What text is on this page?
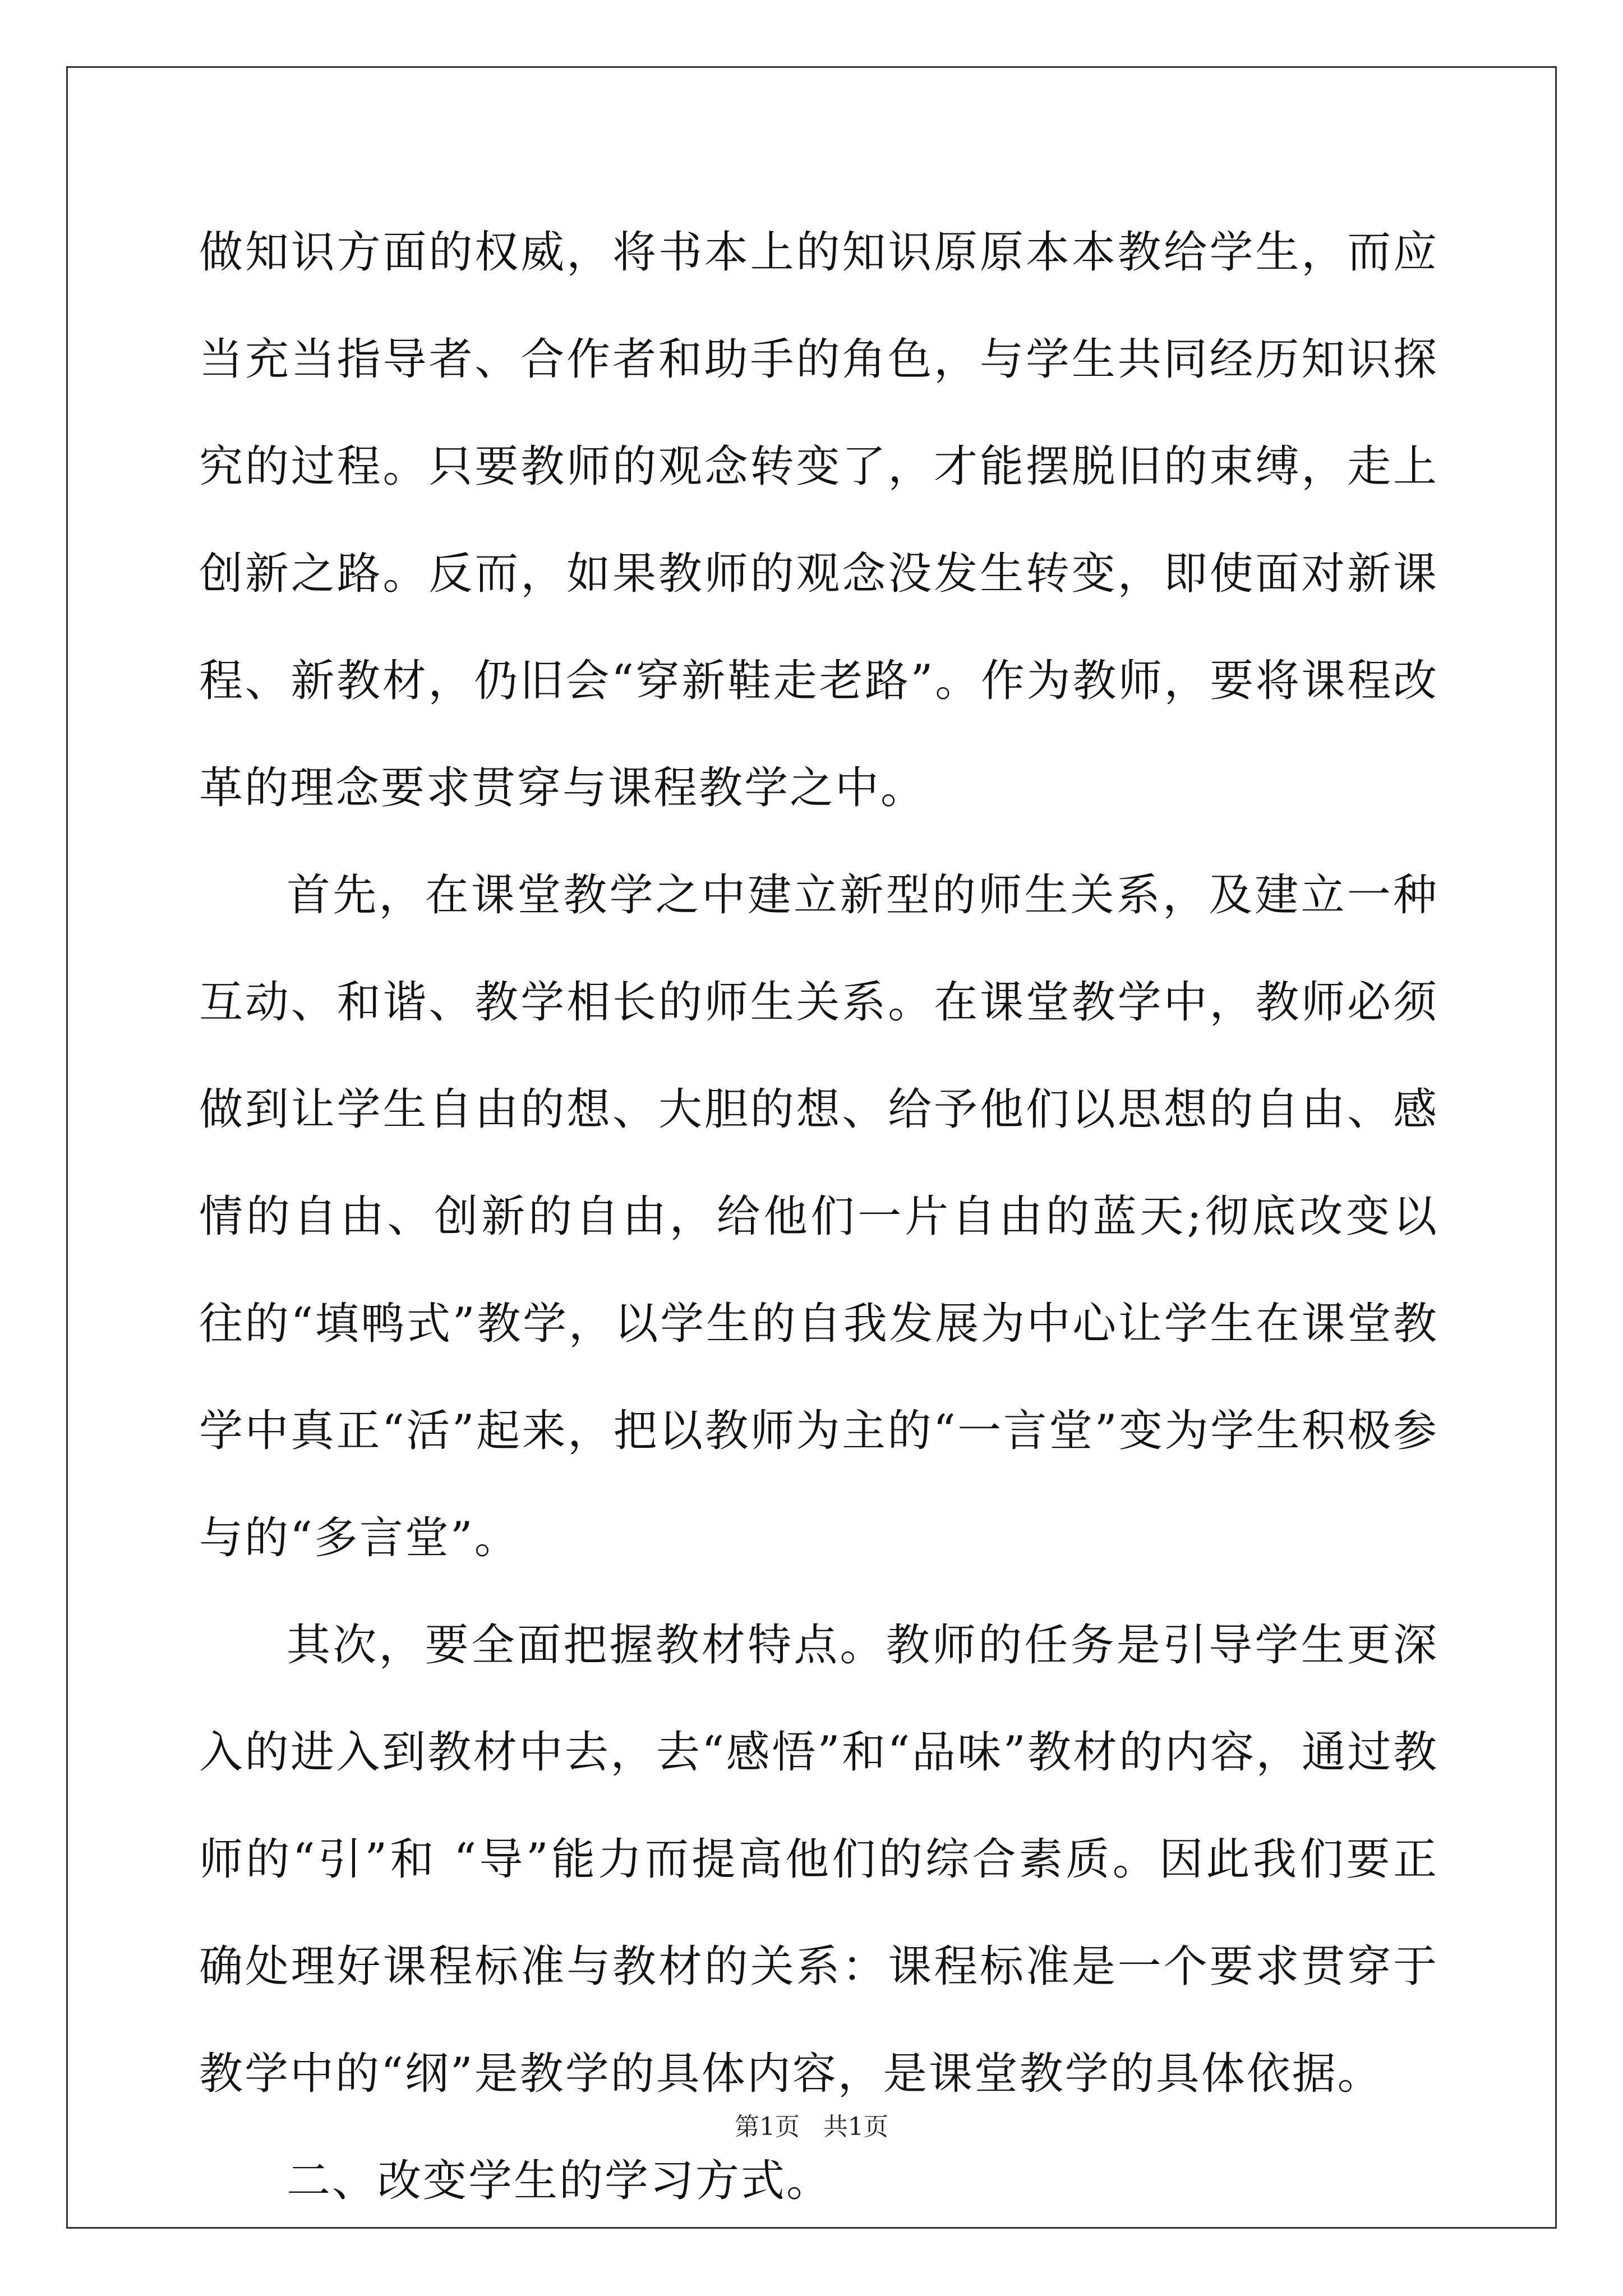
做知识方面的权威，将书本上的知识原原本本教给学生，而应当充当指导者、合作者和助手的角色，与学生共同经历知识探究的过程。只要教师的观念转变了，才能摆脱旧的束缚，走上创新之路。反而，如果教师的观念没发生转变，即使面对新课程、新教材，仍旧会“穿新鞋走老路”。作为教师，要将课程改革的理念要求贯穿与课程教学之中。

首先，在课堂教学之中建立新型的师生关系，及建立一种互动、和谐、教学相长的师生关系。在课堂教学中，教师必须做到让学生自由的想、大胆的想、给予他们以思想的自由、感情的自由、创新的自由，给他们一片自由的蓝天;彻底改变以往的“填鸭式”教学，以学生的自我发展为中心让学生在课堂教学中真正“活”起来，把以教师为主的“一言堂”变为学生积极参与的“多言堂”。

其次，要全面把握教材特点。教师的任务是引导学生更深入的进入到教材中去，去“感悟”和“品味”教材的内容，通过教师的“引”和 “导”能力而提高他们的综合素质。因此我们要正确处理好课程标准与教材的关系：课程标准是一个要求贯穿于教学中的“纲”是教学的具体内容，是课堂教学的具体依据。

二、改变学生的学习方式。

第1页 共1页
